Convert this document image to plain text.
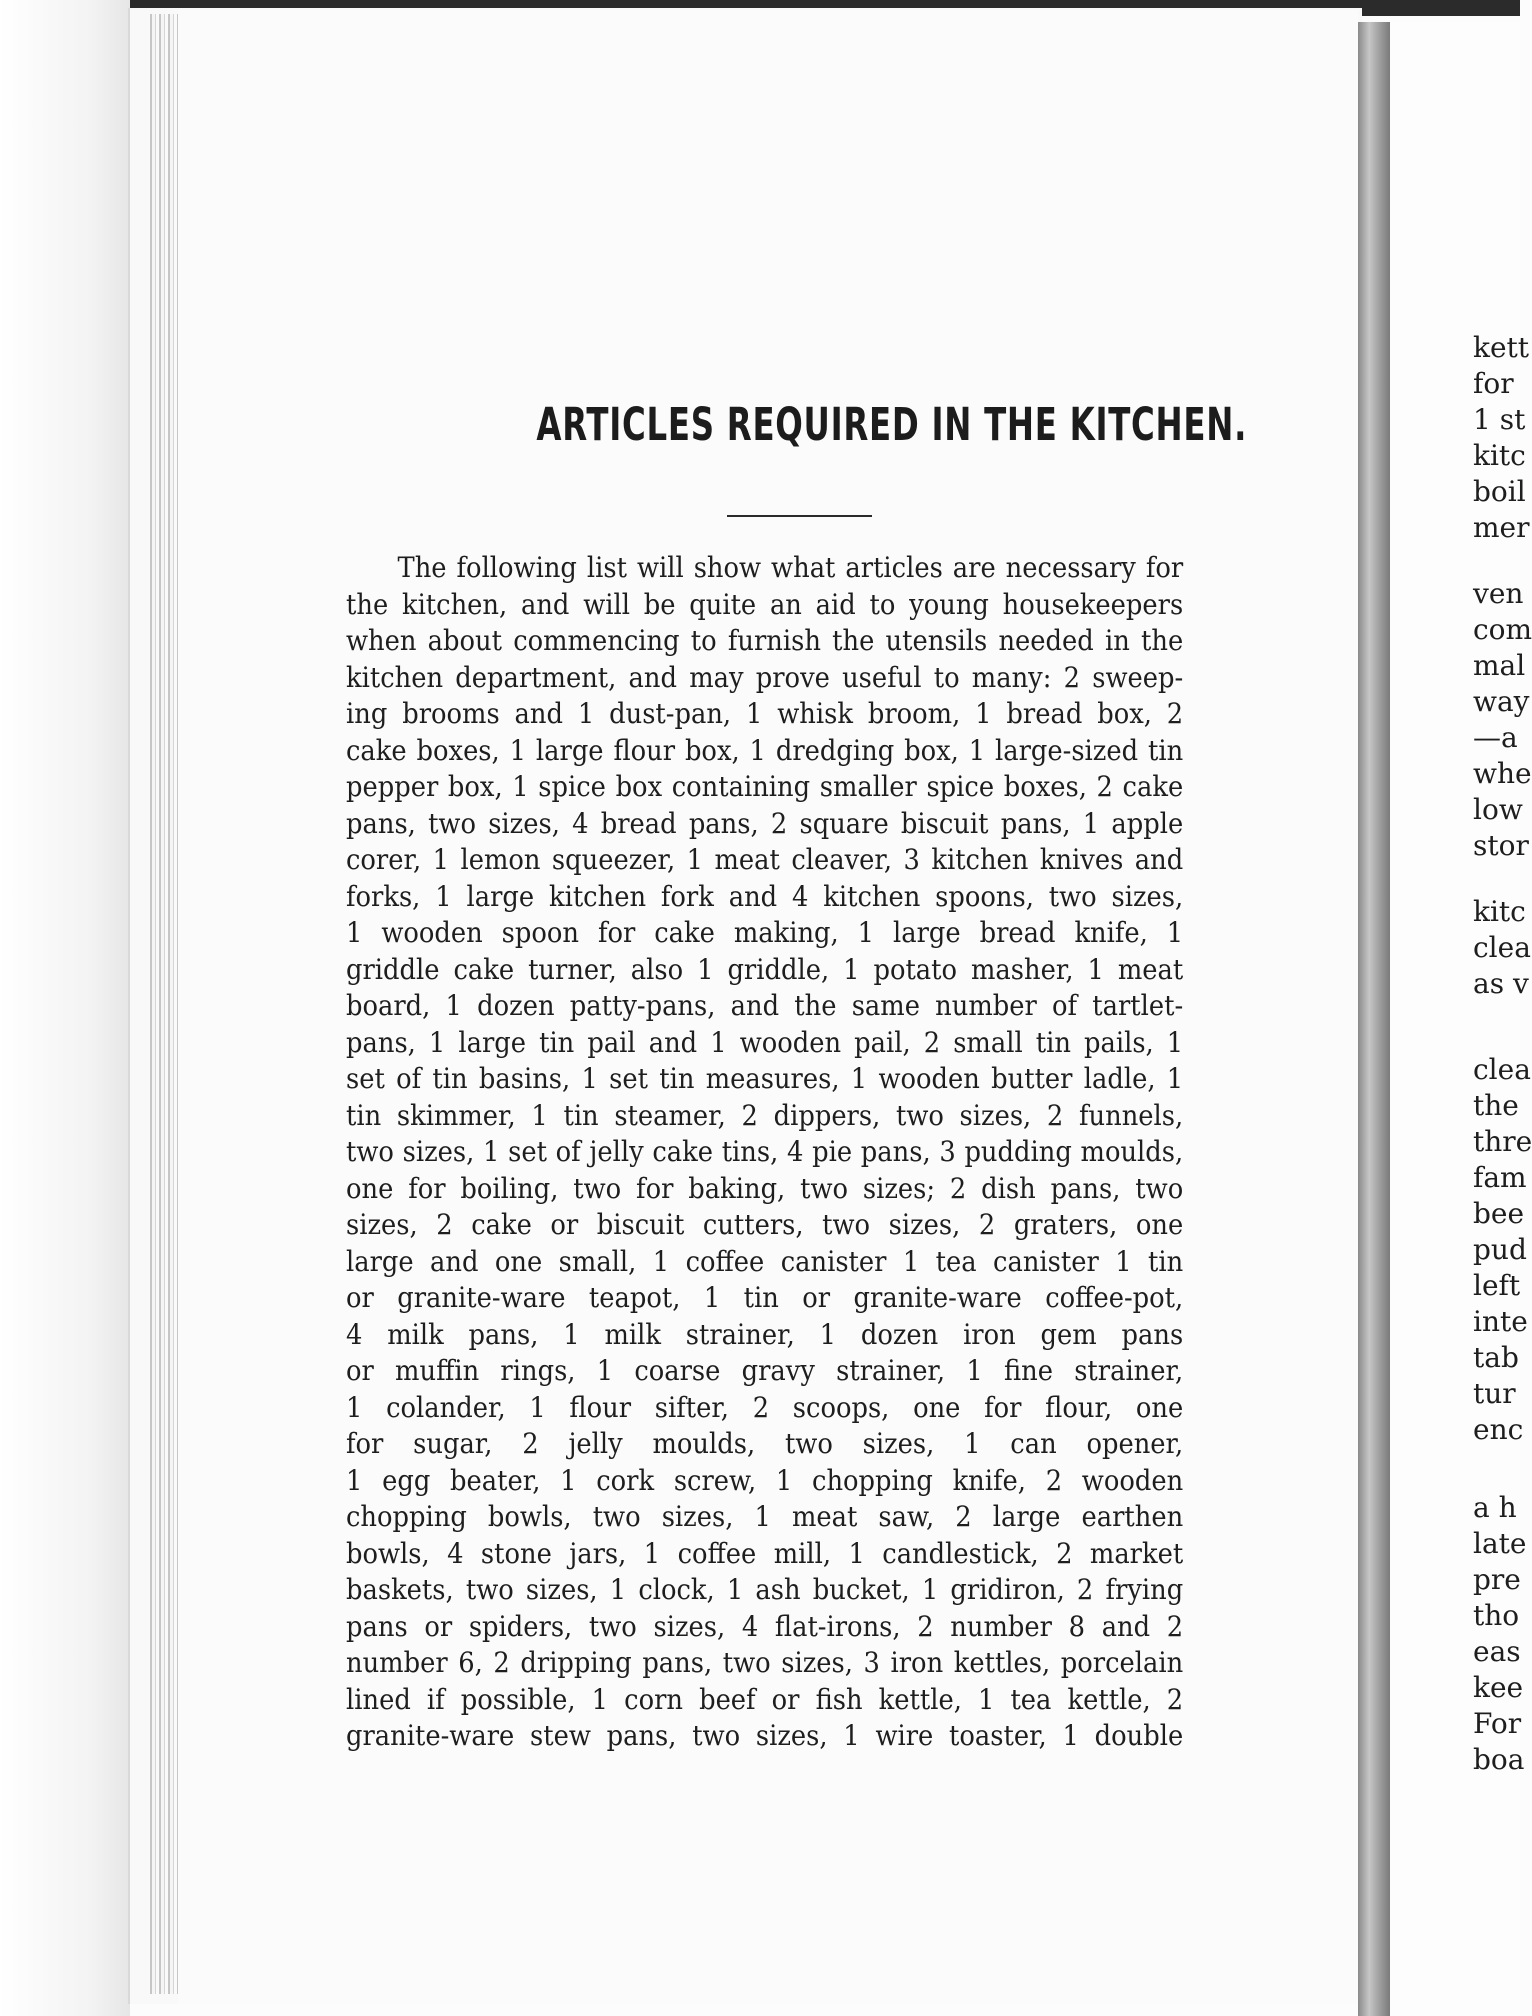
ARTICLES REQUIRED IN THE KITCHEN.
The following list will show what articles are necessary for
the kitchen, and will be quite an aid to young housekeepers
when about commencing to furnish the utensils needed in the
kitchen department, and may prove useful to many: 2 sweep-
ing brooms and 1 dust-pan, 1 whisk broom, 1 bread box, 2
cake boxes, 1 large flour box, 1 dredging box, 1 large-sized tin
pepper box, 1 spice box containing smaller spice boxes, 2 cake
pans, two sizes, 4 bread pans, 2 square biscuit pans, 1 apple
corer, 1 lemon squeezer, 1 meat cleaver, 3 kitchen knives and
forks, 1 large kitchen fork and 4 kitchen spoons, two sizes,
1 wooden spoon for cake making, 1 large bread knife, 1
griddle cake turner, also 1 griddle, 1 potato masher, 1 meat
board, 1 dozen patty-pans, and the same number of tartlet-
pans, 1 large tin pail and 1 wooden pail, 2 small tin pails, 1
set of tin basins, 1 set tin measures, 1 wooden butter ladle, 1
tin skimmer, 1 tin steamer, 2 dippers, two sizes, 2 funnels,
two sizes, 1 set of jelly cake tins, 4 pie pans, 3 pudding moulds,
one for boiling, two for baking, two sizes; 2 dish pans, two
sizes, 2 cake or biscuit cutters, two sizes, 2 graters, one
large and one small, 1 coffee canister 1 tea canister 1 tin
or granite-ware teapot, 1 tin or granite-ware coffee-pot,
4 milk pans, 1 milk strainer, 1 dozen iron gem pans
or muffin rings, 1 coarse gravy strainer, 1 fine strainer,
1 colander, 1 flour sifter, 2 scoops, one for flour, one
for sugar, 2 jelly moulds, two sizes, 1 can opener,
1 egg beater, 1 cork screw, 1 chopping knife, 2 wooden
chopping bowls, two sizes, 1 meat saw, 2 large earthen
bowls, 4 stone jars, 1 coffee mill, 1 candlestick, 2 market
baskets, two sizes, 1 clock, 1 ash bucket, 1 gridiron, 2 frying
pans or spiders, two sizes, 4 flat-irons, 2 number 8 and 2
number 6, 2 dripping pans, two sizes, 3 iron kettles, porcelain
lined if possible, 1 corn beef or fish kettle, 1 tea kettle, 2
granite-ware stew pans, two sizes, 1 wire toaster, 1 double
kett
for
1 st
kitc
boil
mer
ven
com
mal
way
—a
whe
low
stor
kitc
clea
as v
clea
the
thre
fam
bee
pud
left
inte
tab
tur
enc
a h
late
pre
tho
eas
kee
For
boa
